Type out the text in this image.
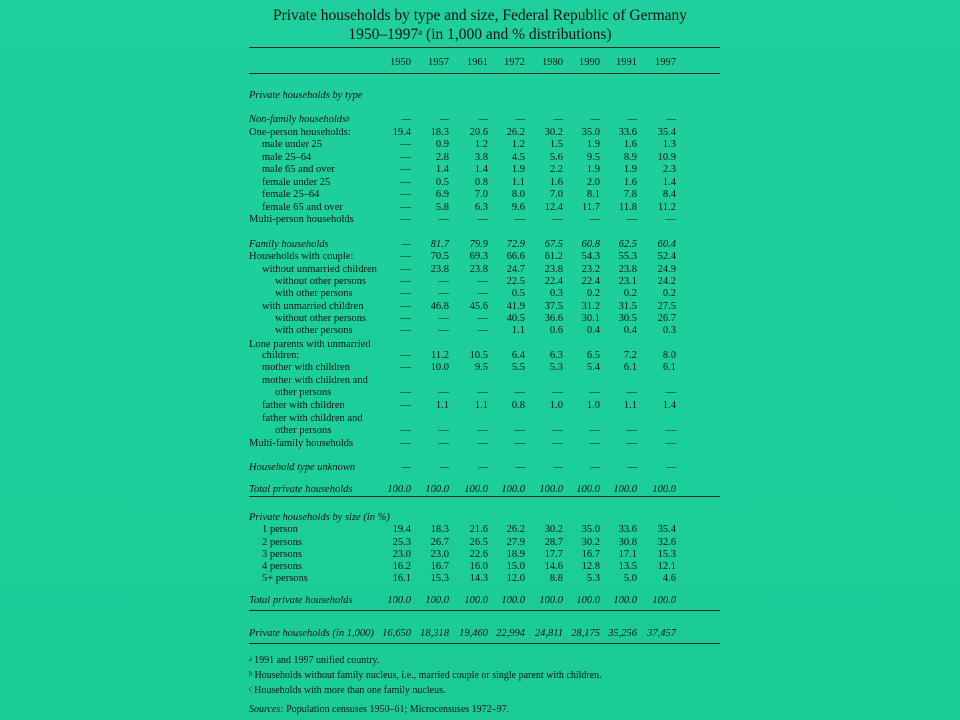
Private households by type and size, Federal Republic of Germany
1950–1997$^a$ (in 1,000 and % distributions)
1950	1957	1961	1972	1980	1990	1991	1997
Private households by type
Non-family households$^b$	—	—	—	—	—	—	—	—
One-person households:	19.4	18.3	20.6	26.2	30.2	35.0	33.6	35.4
male under 25	—	0.9	1.2	1.2	1.5	1.9	1.6	1.3
male 25–64	—	2.8	3.8	4.5	5.6	9.5	8.9	10.9
male 65 and over	—	1.4	1.4	1.9	2.2	1.9	1.9	2.3
female under 25	—	0.5	0.8	1.1	1.6	2.0	1.6	1.4
female 25–64	—	6.9	7.0	8.0	7.0	8.1	7.8	8.4
female 65 and over	—	5.8	6.3	9.6	12.4	11.7	11.8	11.2
Multi-person households	—	—	—	—	—	—	—	—
Family households	—	81.7	79.9	72.9	67.5	60.8	62.5	60.4
Households with couple:	—	70.5	69.3	66.6	61.2	54.3	55.3	52.4
without unmarried children	—	23.8	23.8	24.7	23.8	23.2	23.8	24.9
without other persons	—	—	—	22.5	22.4	22.4	23.1	24.2
with other persons	—	—	—	0.5	0.3	0.2	0.2	0.2
with unmarried children	—	46.8	45.6	41.9	37.5	31.2	31.5	27.5
without other persons	—	—	—	40.5	36.6	30.1	30.5	26.7
with other persons	—	—	—	1.1	0.6	0.4	0.4	0.3
Lone parents with unmarried
children:	—	11.2	10.5	6.4	6.3	6.5	7.2	8.0
mother with children	—	10.0	9.5	5.5	5.3	5.4	6.1	6.1
mother with children and
other persons	—	—	—	—	—	—	—	—
father with children	—	1.1	1.1	0.8	1.0	1.0	1.1	1.4
father with children and
other persons	—	—	—	—	—	—	—	—
Multi-family households	—	—	—	—	—	—	—	—
Household type unknown	—	—	—	—	—	—	—	—
Total private households	100.0	100.0	100.0	100.0	100.0	100.0	100.0	100.0
Private households by size (in %)
1 person	19.4	18.3	21.6	26.2	30.2	35.0	33.6	35.4
2 persons	25.3	26.7	26.5	27.9	28.7	30.2	30.8	32.6
3 persons	23.0	23.0	22.6	18.9	17.7	16.7	17.1	15.3
4 persons	16.2	16.7	16.0	15.0	14.6	12.8	13.5	12.1
5+ persons	16.1	15.3	14.3	12.0	8.8	5.3	5.0	4.6
Total private households	100.0	100.0	100.0	100.0	100.0	100.0	100.0	100.0
Private households (in 1,000) 16,650 18,318 19,460 22,994 24,811 28,175 35,256 37,457
$^a$ 1991 and 1997 unified country.
$^b$ Households without family nucleus, i.e., married couple or single parent with children.
$^c$ Households with more than one family nucleus.
Sources: Population censuses 1950–61; Microcensuses 1972–97.
